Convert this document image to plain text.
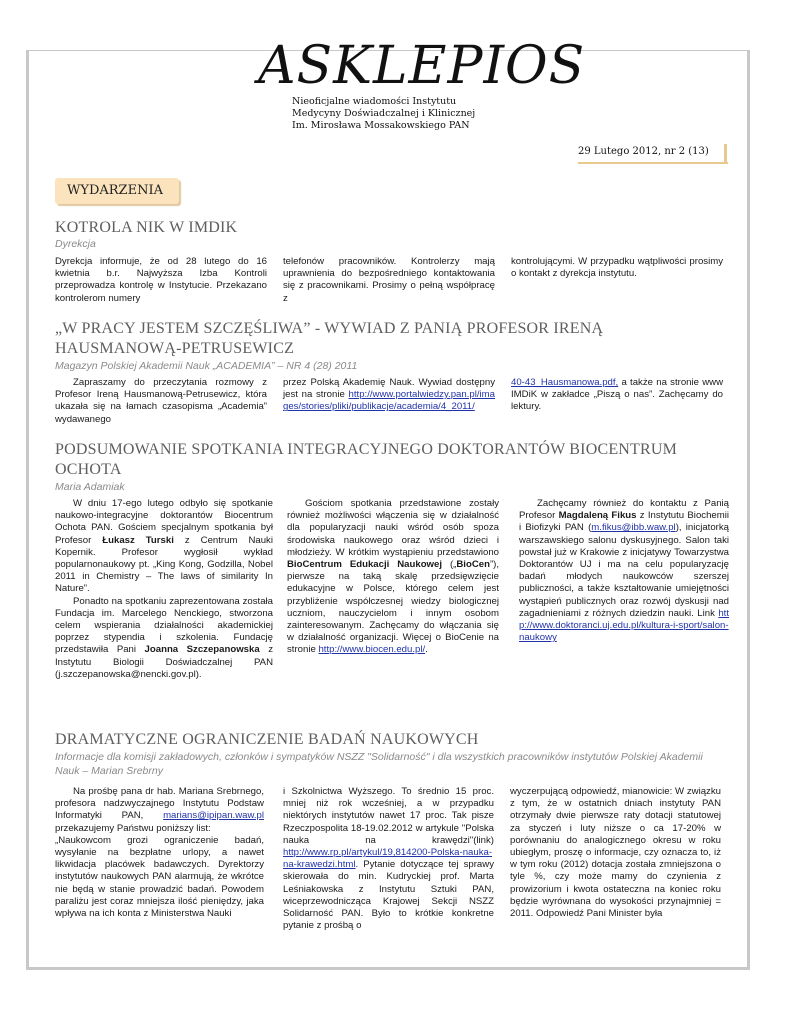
ASKLEPIOS
Nieoficjalne wiadomości Instytutu
Medycyny Doświadczalnej i Klinicznej
Im. Mirosława Mossakowskiego PAN
29 Lutego 2012, nr 2 (13)
WYDARZENIA
KOTROLA NIK W IMDIK
Dyrekcja

Dyrekcja informuje, że od 28 lutego do 16 kwietnia b.r. Najwyższa Izba Kontroli przeprowadza kontrolę w Instytucie. Przekazano kontrolerom numery

telefonów pracowników. Kontrolerzy mają uprawnienia do bezpośredniego kontaktowania się z pracownikami. Prosimy o pełną współpracę z

kontrolującymi. W przypadku wątpliwości prosimy o kontakt z dyrekcja instytutu.

„W PRACY JESTEM SZCZĘŚLIWA” - WYWIAD Z PANIĄ PROFESOR IRENĄ
HAUSMANOWĄ-PETRUSEWICZ
Magazyn Polskiej Akademii Nauk „ACADEMIA” – NR 4 (28) 2011

Zapraszamy do przeczytania rozmowy z Profesor Ireną Hausmanową-Petrusewicz, która ukazała się na łamach czasopisma „Academia” wydawanego

przez Polską Akademię Nauk. Wywiad dostępny jest na stronie http://www.portalwiedzy.pan.pl/images/stories/pliki/publikacje/academia/4_2011/

40-43_Hausmanowa.pdf, a także na stronie www IMDiK w zakładce „Piszą o nas”. Zachęcamy do lektury.

PODSUMOWANIE SPOTKANIA INTEGRACYJNEGO DOKTORANTÓW BIOCENTRUM
OCHOTA
Maria Adamiak

W dniu 17-ego lutego odbyło się spotkanie naukowo-integracyjne doktorantów Biocentrum Ochota PAN. Gościem specjalnym spotkania był Profesor Łukasz Turski z Centrum Nauki Kopernik. Profesor wygłosił wykład popularnonaukowy pt. „King Kong, Godzilla, Nobel 2011 in Chemistry – The laws of similarity In Nature”.

Ponadto na spotkaniu zaprezentowana została Fundacja im. Marcelego Nenckiego, stworzona celem wspierania działalności akademickiej poprzez stypendia i szkolenia. Fundację przedstawiła Pani Joanna Szczepanowska z Instytutu Biologii Doświadczalnej PAN (j.szczepanowska@nencki.gov.pl).

Gościom spotkania przedstawione zostały również możliwości włączenia się w działalność dla popularyzacji nauki wśród osób spoza środowiska naukowego oraz wśród dzieci i młodzieży. W krótkim wystąpieniu przedstawiono BioCentrum Edukacji Naukowej („BioCen”), pierwsze na taką skalę przedsięwzięcie edukacyjne w Polsce, którego celem jest przybliżenie współczesnej wiedzy biologicznej uczniom, nauczycielom i innym osobom zainteresowanym. Zachęcamy do włączania się w działalność organizacji. Więcej o BioCenie na stronie http://www.biocen.edu.pl/.

Zachęcamy również do kontaktu z Panią Profesor Magdaleną Fikus z Instytutu Biochemii i Biofizyki PAN (m.fikus@ibb.waw.pl), inicjatorką warszawskiego salonu dyskusyjnego. Salon taki powstał już w Krakowie z inicjatywy Towarzystwa Doktorantów UJ i ma na celu popularyzację badań młodych naukowców szerszej publiczności, a także kształtowanie umiejętności wystąpień publicznych oraz rozwój dyskusji nad zagadnieniami z różnych dziedzin nauki. Link http://www.doktoranci.uj.edu.pl/kultura-i-sport/salon-naukowy

DRAMATYCZNE OGRANICZENIE BADAŃ NAUKOWYCH
Informacje dla komisji zakładowych, członków i sympatyków NSZZ "Solidarność" i dla wszystkich pracowników instytutów Polskiej Akademii Nauk – Marian Srebrny

Na prośbę pana dr hab. Mariana Srebrnego, profesora nadzwyczajnego Instytutu Podstaw Informatyki PAN, marians@ipipan.waw.pl przekazujemy Państwu poniższy list:

„Naukowcom grozi ograniczenie badań, wysyłanie na bezpłatne urlopy, a nawet likwidacja placówek badawczych. Dyrektorzy instytutów naukowych PAN alarmują, że wkrótce nie będą w stanie prowadzić badań. Powodem paraliżu jest coraz mniejsza ilość pieniędzy, jaka wpływa na ich konta z Ministerstwa Nauki

i Szkolnictwa Wyższego. To średnio 15 proc. mniej niż rok wcześniej, a w przypadku niektórych instytutów nawet 17 proc. Tak pisze Rzeczpospolita 18-19.02.2012 w artykule "Polska nauka na krawędzi"(link) http://www.rp.pl/artykul/19,814200-Polska-nauka-na-krawedzi.html. Pytanie dotyczące tej sprawy skierowała do min. Kudryckiej prof. Marta Leśniakowska z Instytutu Sztuki PAN, wiceprzewodnicząca Krajowej Sekcji NSZZ Solidarność PAN. Było to krótkie konkretne pytanie z prośbą o

wyczerpującą odpowiedź, mianowicie: W związku z tym, że w ostatnich dniach instytuty PAN otrzymały dwie pierwsze raty dotacji statutowej za styczeń i luty niższe o ca 17-20% w porównaniu do analogicznego okresu w roku ubiegłym, proszę o informacje, czy oznacza to, iż w tym roku (2012) dotacja została zmniejszona o tyle %, czy może mamy do czynienia z prowizorium i kwota ostateczna na koniec roku będzie wyrównana do wysokości przynajmniej = 2011. Odpowiedź Pani Minister była
